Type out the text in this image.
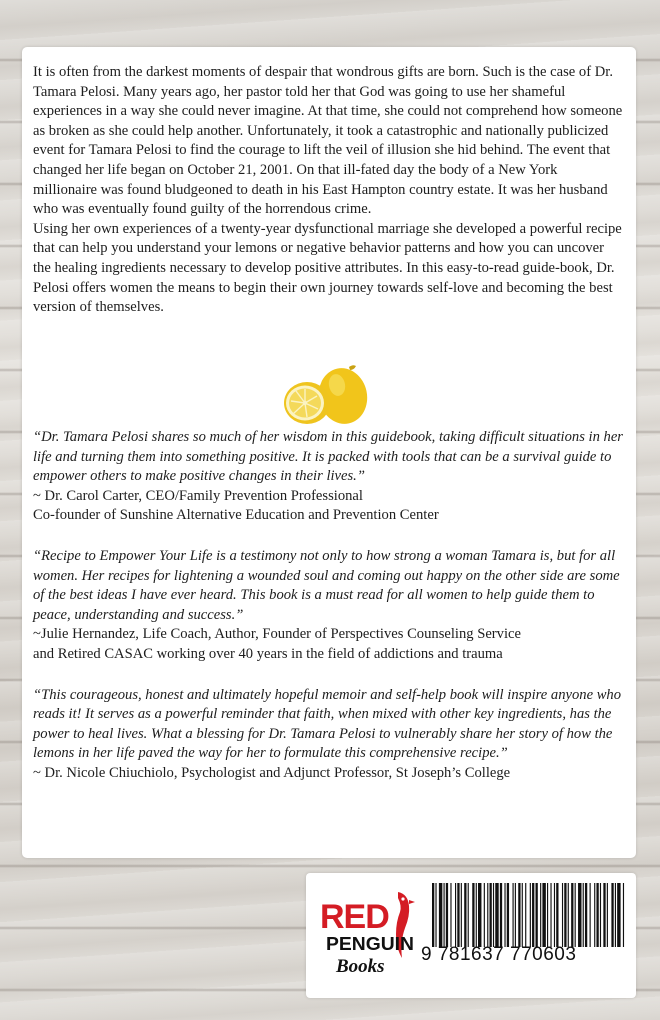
It is often from the darkest moments of despair that wondrous gifts are born. Such is the case of Dr. Tamara Pelosi. Many years ago, her pastor told her that God was going to use her shameful experiences in a way she could never imagine. At that time, she could not comprehend how someone as broken as she could help another. Unfortunately, it took a catastrophic and nationally publicized event for Tamara Pelosi to find the courage to lift the veil of illusion she hid behind. The event that changed her life began on October 21, 2001. On that ill-fated day the body of a New York millionaire was found bludgeoned to death in his East Hampton country estate. It was her husband who was eventually found guilty of the horrendous crime.

Using her own experiences of a twenty-year dysfunctional marriage she developed a powerful recipe that can help you understand your lemons or negative behavior patterns and how you can uncover the healing ingredients necessary to develop positive attributes. In this easy-to-read guide-book, Dr. Pelosi offers women the means to begin their own journey towards self-love and becoming the best version of themselves.

“Dr. Tamara Pelosi shares so much of her wisdom in this guidebook, taking difficult situations in her life and turning them into something positive. It is packed with tools that can be a survival guide to empower others to make positive changes in their lives.”

~ Dr. Carol Carter, CEO/Family Prevention Professional

Co-founder of Sunshine Alternative Education and Prevention Center

“Recipe to Empower Your Life is a testimony not only to how strong a woman Tamara is, but for all women. Her recipes for lightening a wounded soul and coming out happy on the other side are some of the best ideas I have ever heard. This book is a must read for all women to help guide them to peace, understanding and success.”

~Julie Hernandez, Life Coach, Author, Founder of Perspectives Counseling Service

and Retired CASAC working over 40 years in the field of addictions and trauma

“This courageous, honest and ultimately hopeful memoir and self-help book will inspire anyone who reads it! It serves as a powerful reminder that faith, when mixed with other key ingredients, has the power to heal lives. What a blessing for Dr. Tamara Pelosi to vulnerably share her story of how the lemons in her life paved the way for her to formulate this comprehensive recipe.”

~ Dr. Nicole Chiuchiolo, Psychologist and Adjunct Professor, St Joseph’s College

RED
PENGUIN
Books
9 781637 770603
